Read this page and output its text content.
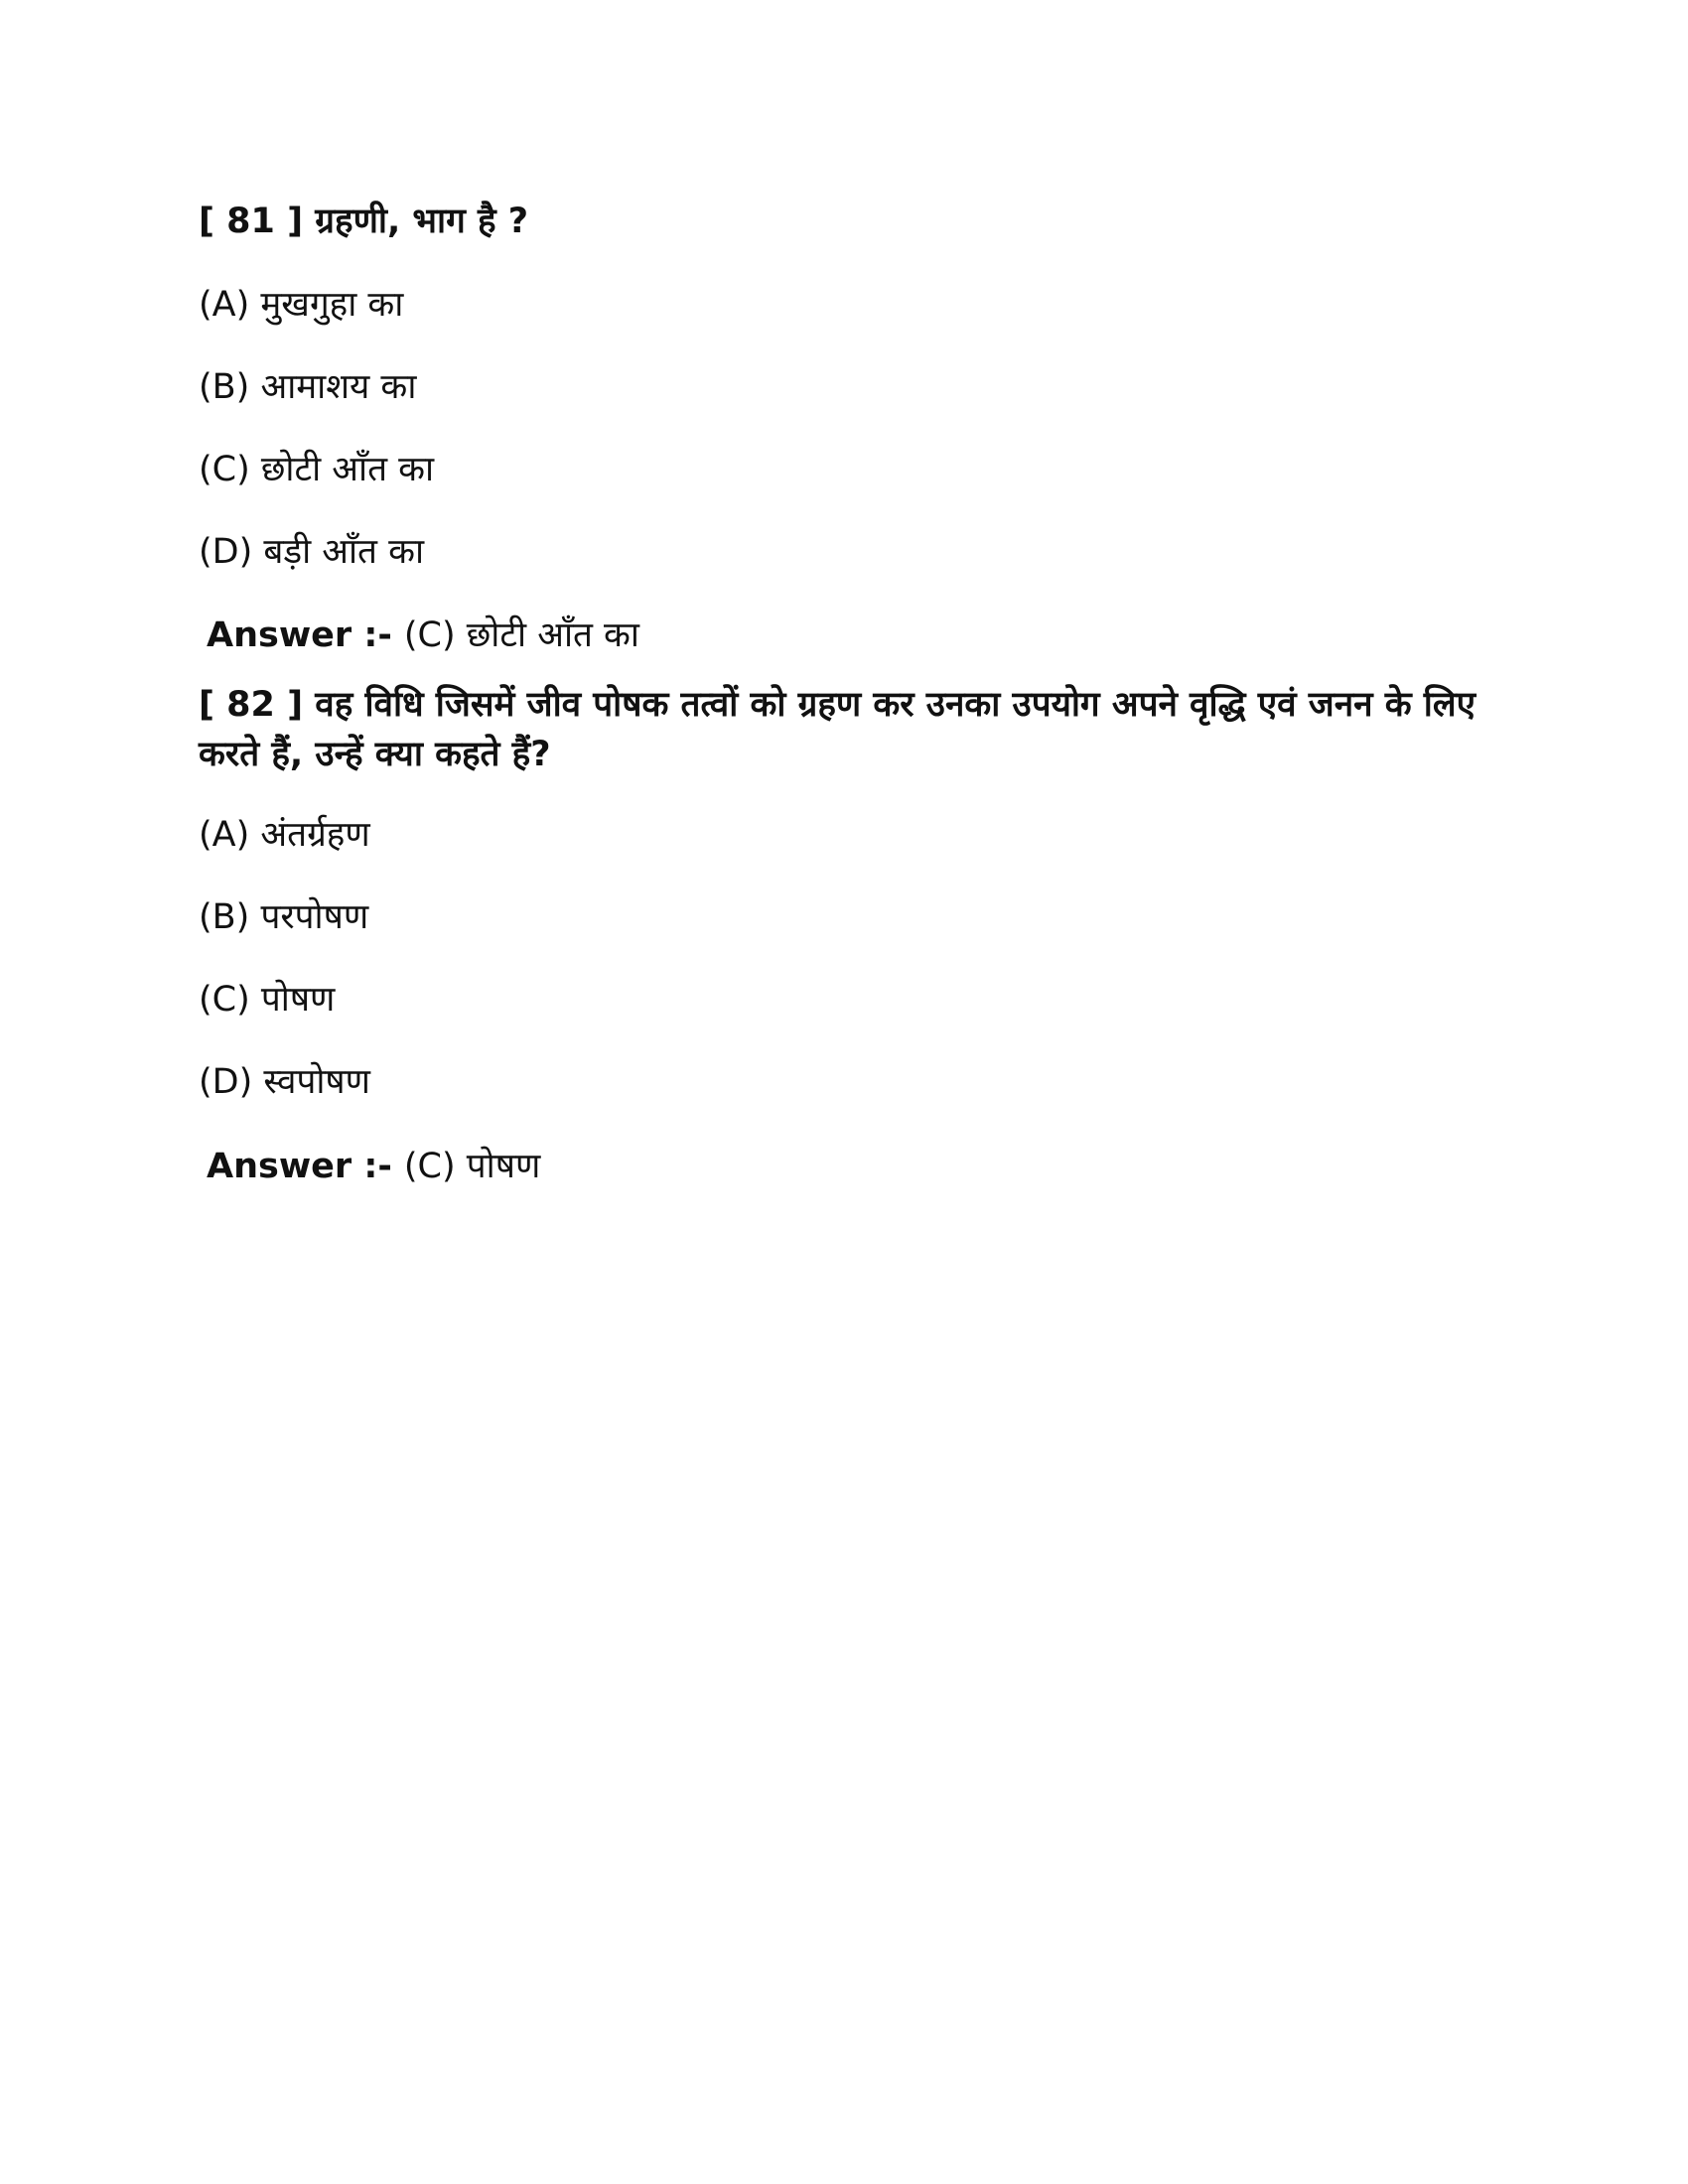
[ 81 ] ग्रहणी, भाग है ?
(A) मुखगुहा का
(B) आमाशय का
(C) छोटी आँत का
(D) बड़ी आँत का
Answer :- (C) छोटी आँत का
[ 82 ] वह विधि जिसमें जीव पोषक तत्वों को ग्रहण कर उनका उपयोग अपने वृद्धि एवं जनन के लिए करते हैं, उन्हें क्या कहते हैं?
(A) अंतर्ग्रहण
(B) परपोषण
(C) पोषण
(D) स्वपोषण
Answer :- (C) पोषण
